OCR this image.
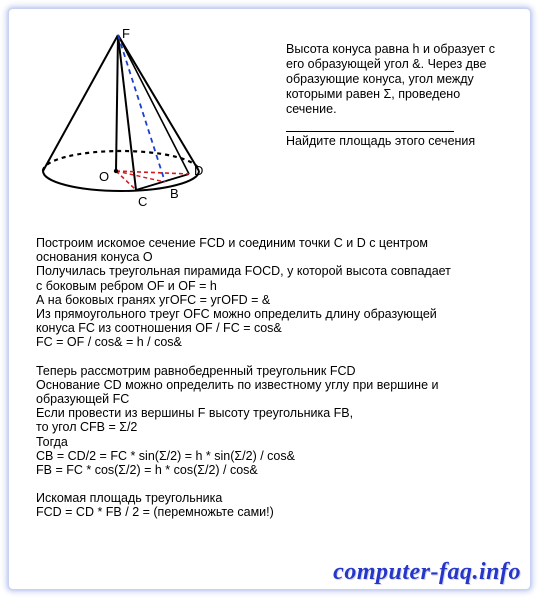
F
O
C
B
D
Высота конуса равна h и образует с
его образующей угол &. Через две
образующие конуса, угол между
которыми равен Σ, проведено
сечение.
Найдите площадь этого сечения

Построим искомое сечение FCD и соединим точки C и D с центром

основания конуса O

Получилась треугольная пирамида FOCD, у которой высота совпадает

с боковым ребром OF и OF = h

А на боковых гранях угOFC = угOFD = &

Из прямоугольного треуг OFC можно определить длину образующей

конуса FC из соотношения OF / FC = cos&

FC = OF / cos& = h / cos&

Теперь рассмотрим равнобедренный треугольник FCD

Основание CD можно определить по известному углу при вершине и

образующей FC

Если провести из вершины F высоту треугольника FB,

то угол CFB = Σ/2

Тогда

CB = CD/2 = FC * sin(Σ/2) = h * sin(Σ/2) / cos&

FB = FC * cos(Σ/2) = h * cos(Σ/2) / cos&

Искомая площадь треугольника

FCD = CD * FB / 2 = (перемножьте сами!)

computer-faq.info
